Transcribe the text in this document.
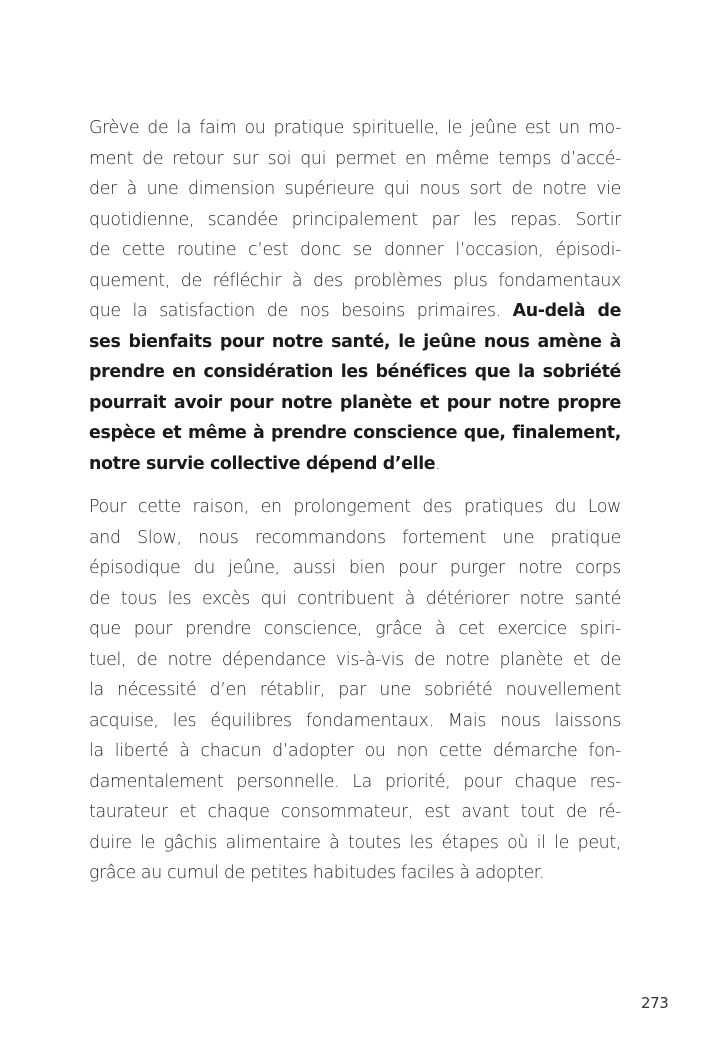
Grève de la faim ou pratique spirituelle, le jeûne est un mo-
ment de retour sur soi qui permet en même temps d’accé-
der à une dimension supérieure qui nous sort de notre vie
quotidienne, scandée principalement par les repas. Sortir
de cette routine c’est donc se donner l’occasion, épisodi-
quement, de réfléchir à des problèmes plus fondamentaux
que la satisfaction de nos besoins primaires. Au-delà de
ses bienfaits pour notre santé, le jeûne nous amène à
prendre en considération les bénéfices que la sobriété
pourrait avoir pour notre planète et pour notre propre
espèce et même à prendre conscience que, finalement,
notre survie collective dépend d’elle.
Pour cette raison, en prolongement des pratiques du Low
and Slow, nous recommandons fortement une pratique
épisodique du jeûne, aussi bien pour purger notre corps
de tous les excès qui contribuent à détériorer notre santé
que pour prendre conscience, grâce à cet exercice spiri-
tuel, de notre dépendance vis-à-vis de notre planète et de
la nécessité d’en rétablir, par une sobriété nouvellement
acquise, les équilibres fondamentaux. Mais nous laissons
la liberté à chacun d’adopter ou non cette démarche fon-
damentalement personnelle. La priorité, pour chaque res-
taurateur et chaque consommateur, est avant tout de ré-
duire le gâchis alimentaire à toutes les étapes où il le peut,
grâce au cumul de petites habitudes faciles à adopter.
273
